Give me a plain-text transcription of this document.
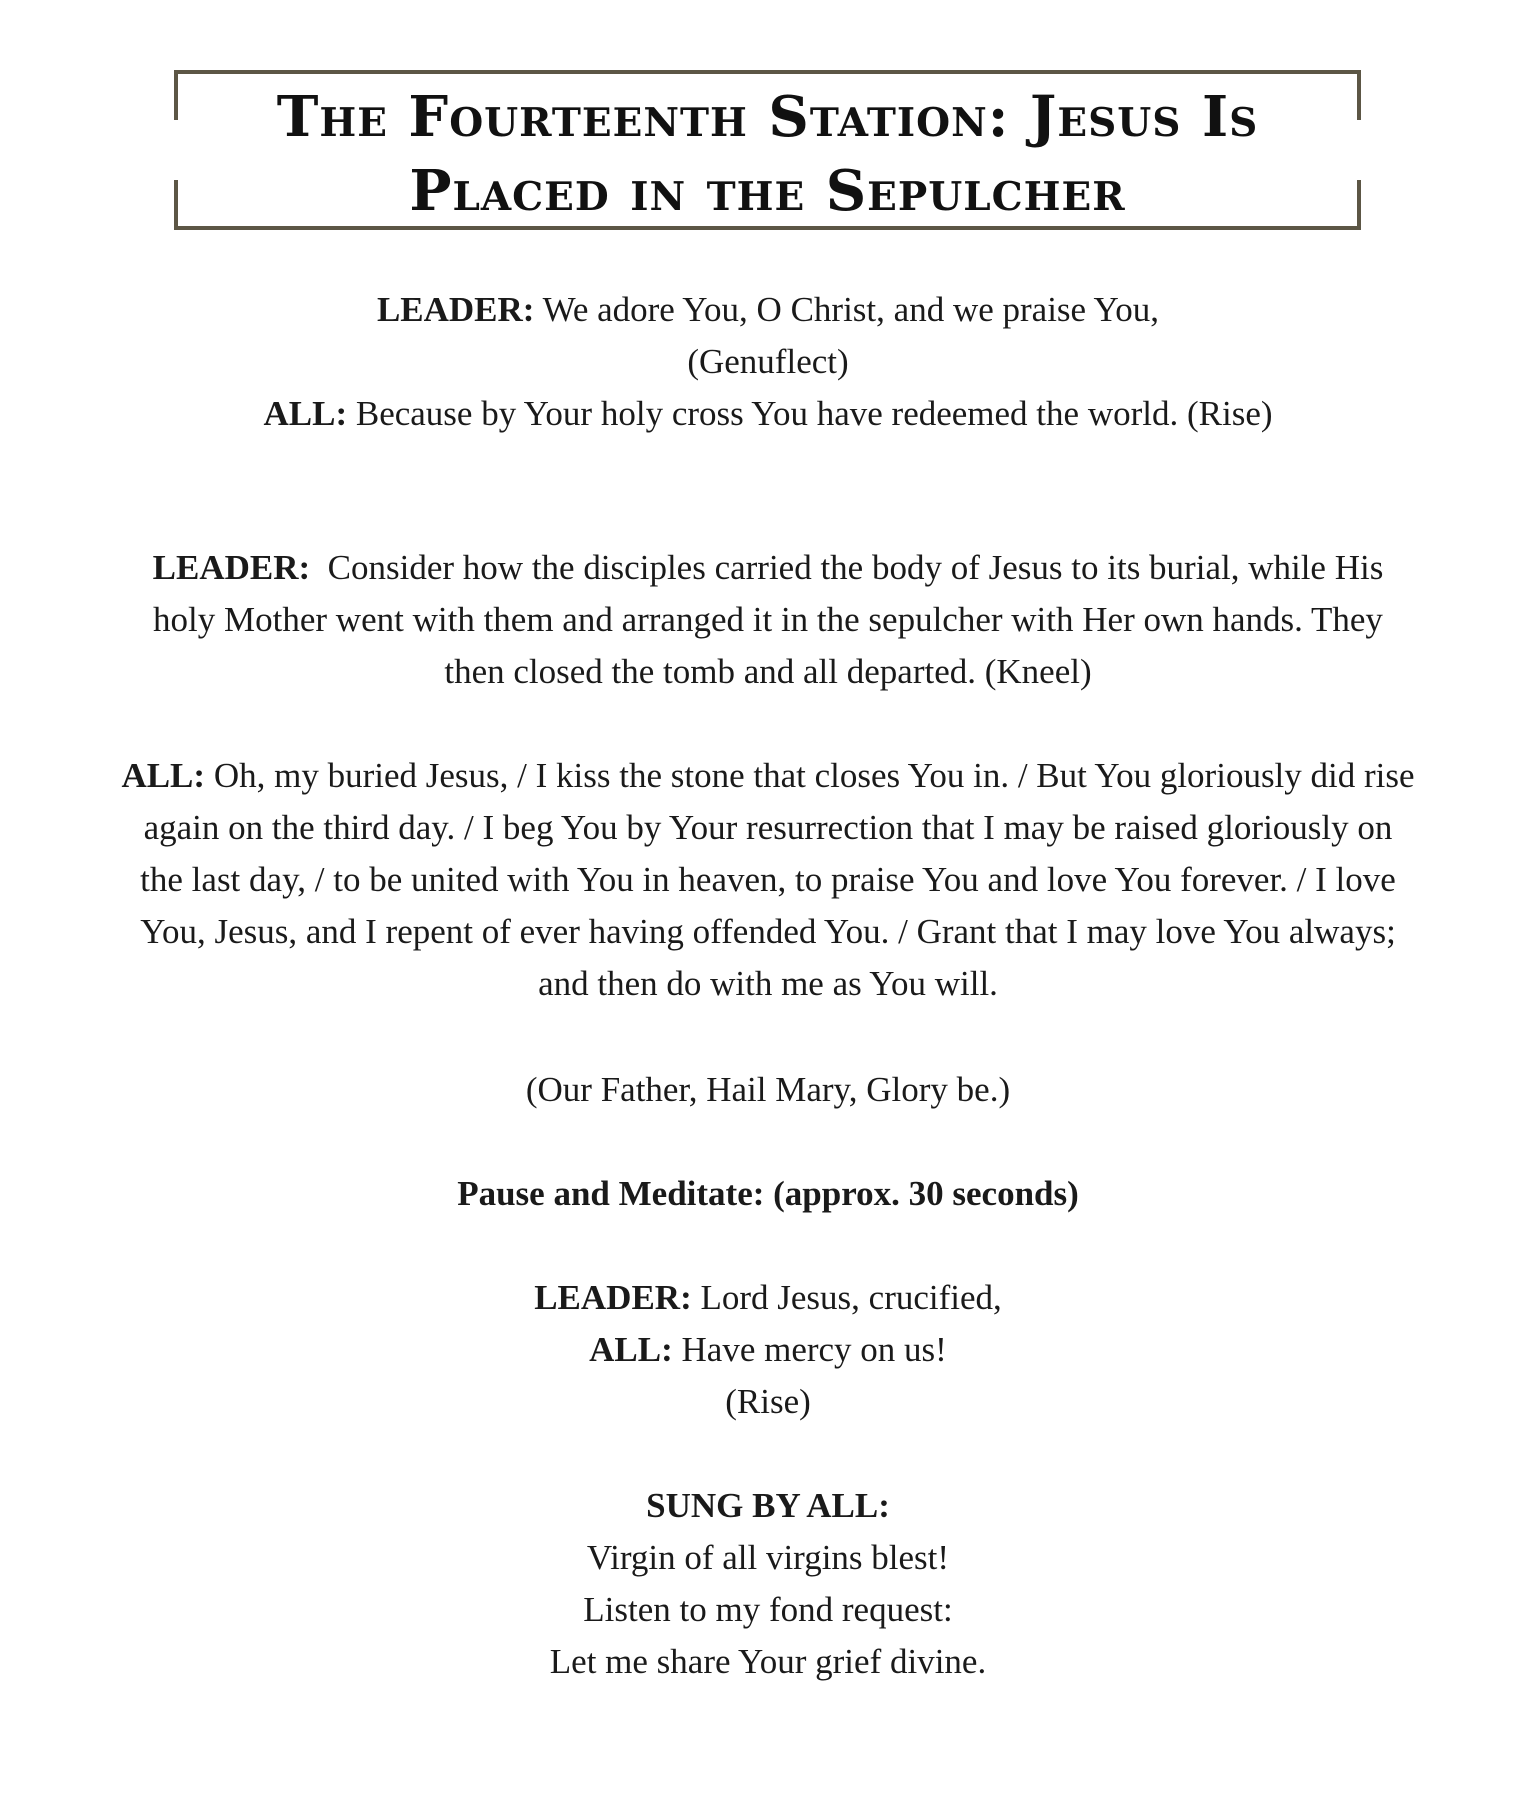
The Fourteenth Station: Jesus Is Placed in the Sepulcher
LEADER: We adore You, O Christ, and we praise You,
(Genuflect)
ALL: Because by Your holy cross You have redeemed the world. (Rise)

LEADER: Consider how the disciples carried the body of Jesus to its burial, while His holy Mother went with them and arranged it in the sepulcher with Her own hands. They then closed the tomb and all departed. (Kneel)

ALL: Oh, my buried Jesus, / I kiss the stone that closes You in. / But You gloriously did rise again on the third day. / I beg You by Your resurrection that I may be raised gloriously on the last day, / to be united with You in heaven, to praise You and love You forever. / I love You, Jesus, and I repent of ever having offended You. / Grant that I may love You always; and then do with me as You will.

(Our Father, Hail Mary, Glory be.)

Pause and Meditate: (approx. 30 seconds)

LEADER: Lord Jesus, crucified,
ALL: Have mercy on us!
(Rise)
SUNG BY ALL:
Virgin of all virgins blest!
Listen to my fond request:
Let me share Your grief divine.
